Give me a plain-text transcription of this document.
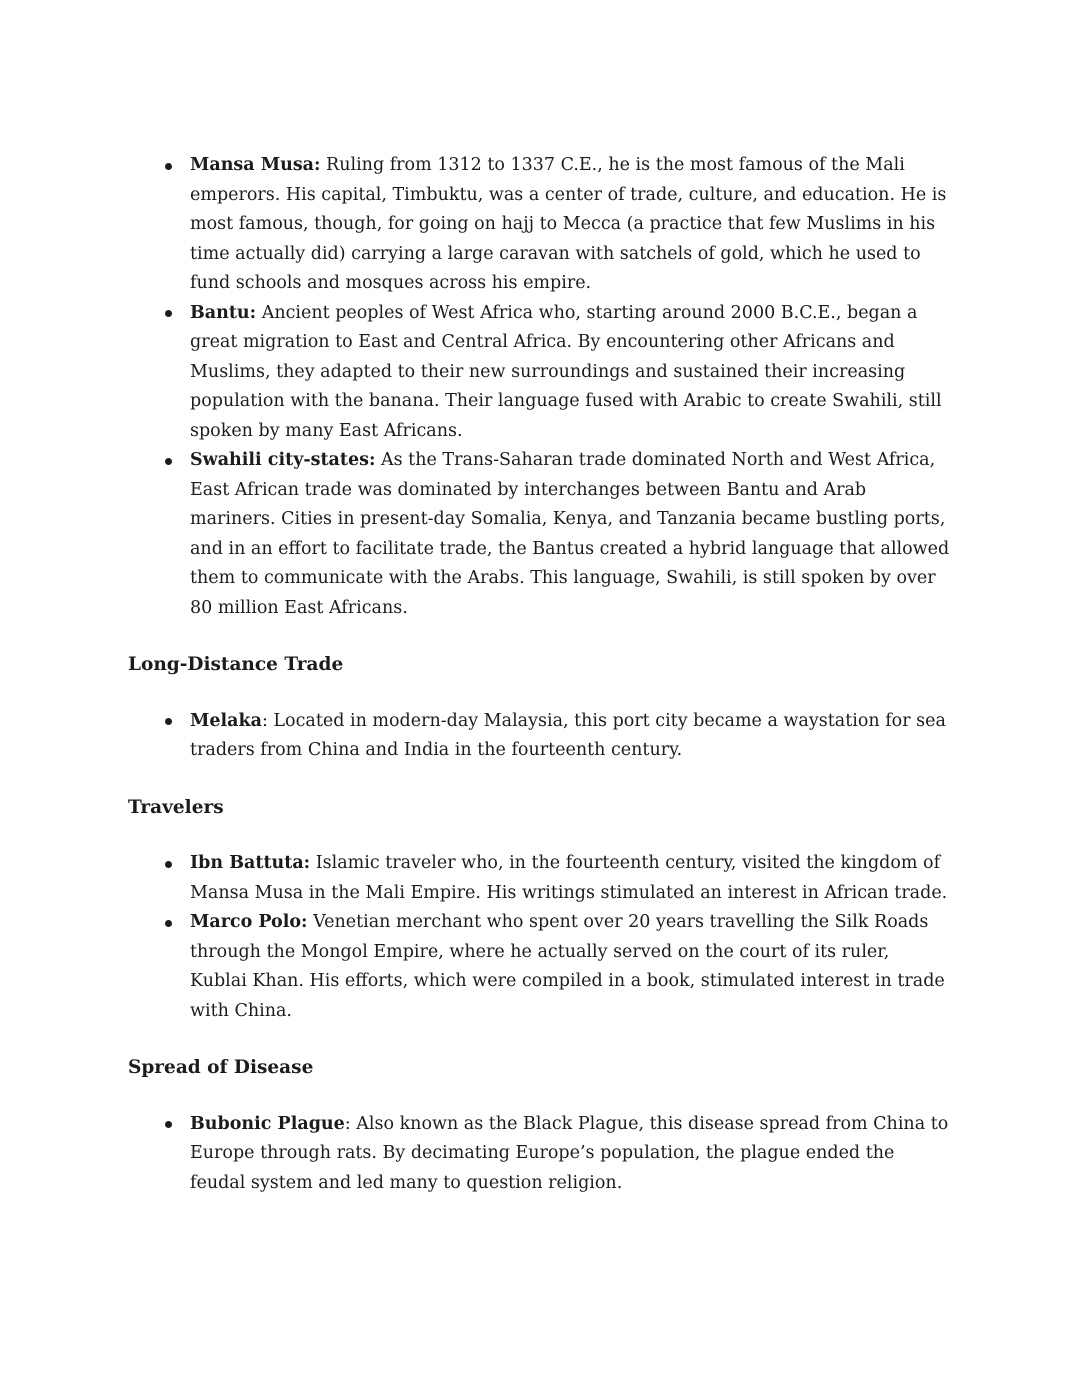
Mansa Musa: Ruling from 1312 to 1337 C.E., he is the most famous of the Mali emperors. His capital, Timbuktu, was a center of trade, culture, and education. He is most famous, though, for going on hajj to Mecca (a practice that few Muslims in his time actually did) carrying a large caravan with satchels of gold, which he used to fund schools and mosques across his empire.
Bantu: Ancient peoples of West Africa who, starting around 2000 B.C.E., began a great migration to East and Central Africa. By encountering other Africans and Muslims, they adapted to their new surroundings and sustained their increasing population with the banana. Their language fused with Arabic to create Swahili, still spoken by many East Africans.
Swahili city-states: As the Trans-Saharan trade dominated North and West Africa, East African trade was dominated by interchanges between Bantu and Arab mariners. Cities in present-day Somalia, Kenya, and Tanzania became bustling ports, and in an effort to facilitate trade, the Bantus created a hybrid language that allowed them to communicate with the Arabs. This language, Swahili, is still spoken by over 80 million East Africans.
Long-Distance Trade
Melaka: Located in modern-day Malaysia, this port city became a waystation for sea traders from China and India in the fourteenth century.
Travelers
Ibn Battuta: Islamic traveler who, in the fourteenth century, visited the kingdom of Mansa Musa in the Mali Empire. His writings stimulated an interest in African trade.
Marco Polo: Venetian merchant who spent over 20 years travelling the Silk Roads through the Mongol Empire, where he actually served on the court of its ruler, Kublai Khan. His efforts, which were compiled in a book, stimulated interest in trade with China.
Spread of Disease
Bubonic Plague: Also known as the Black Plague, this disease spread from China to Europe through rats. By decimating Europe’s population, the plague ended the feudal system and led many to question religion.
